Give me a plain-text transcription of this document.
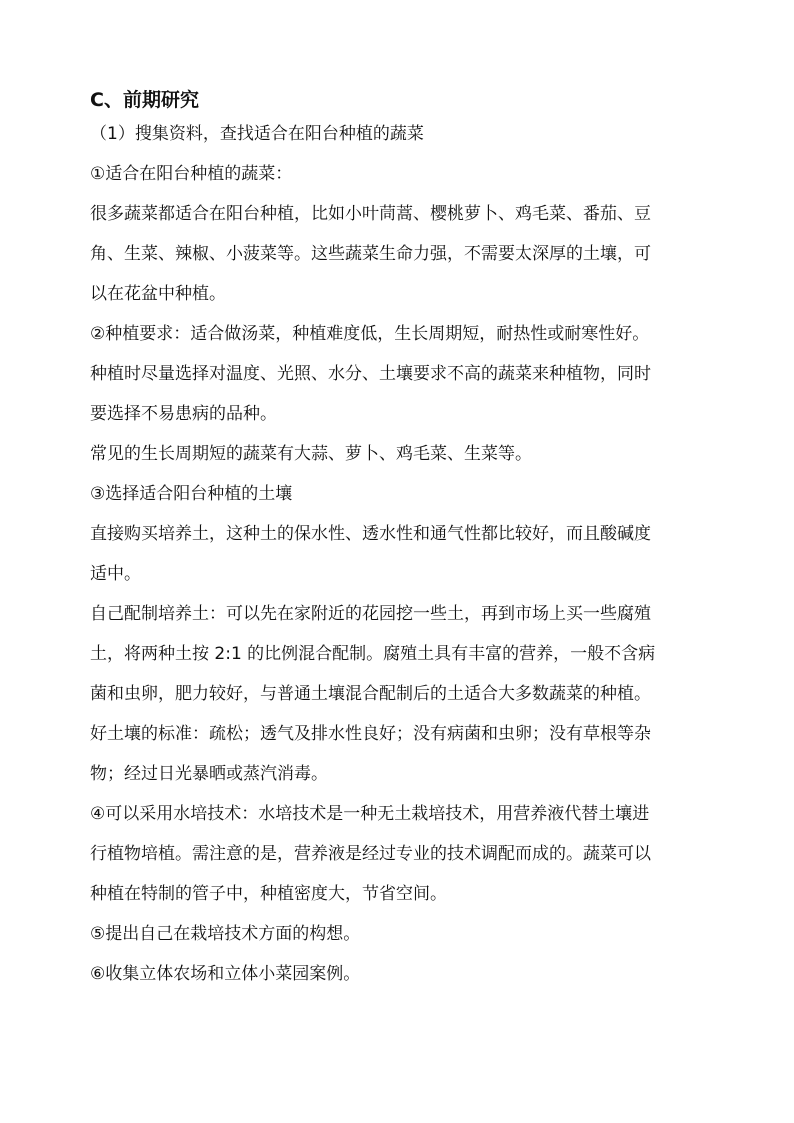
C、前期研究
（1）搜集资料，查找适合在阳台种植的蔬菜
①适合在阳台种植的蔬菜：
很多蔬菜都适合在阳台种植，比如小叶茼蒿、樱桃萝卜、鸡毛菜、番茄、豆
角、生菜、辣椒、小菠菜等。这些蔬菜生命力强，不需要太深厚的土壤，可
以在花盆中种植。
②种植要求：适合做汤菜，种植难度低，生长周期短，耐热性或耐寒性好。
种植时尽量选择对温度、光照、水分、土壤要求不高的蔬菜来种植物，同时
要选择不易患病的品种。
常见的生长周期短的蔬菜有大蒜、萝卜、鸡毛菜、生菜等。
③选择适合阳台种植的土壤
直接购买培养土，这种土的保水性、透水性和通气性都比较好，而且酸碱度
适中。
自己配制培养土：可以先在家附近的花园挖一些土，再到市场上买一些腐殖
土，将两种土按 2:1 的比例混合配制。腐殖土具有丰富的营养，一般不含病
菌和虫卵，肥力较好，与普通土壤混合配制后的土适合大多数蔬菜的种植。
好土壤的标准：疏松；透气及排水性良好；没有病菌和虫卵；没有草根等杂
物；经过日光暴晒或蒸汽消毒。
④可以采用水培技术：水培技术是一种无土栽培技术，用营养液代替土壤进
行植物培植。需注意的是，营养液是经过专业的技术调配而成的。蔬菜可以
种植在特制的管子中，种植密度大，节省空间。
⑤提出自己在栽培技术方面的构想。
⑥收集立体农场和立体小菜园案例。
